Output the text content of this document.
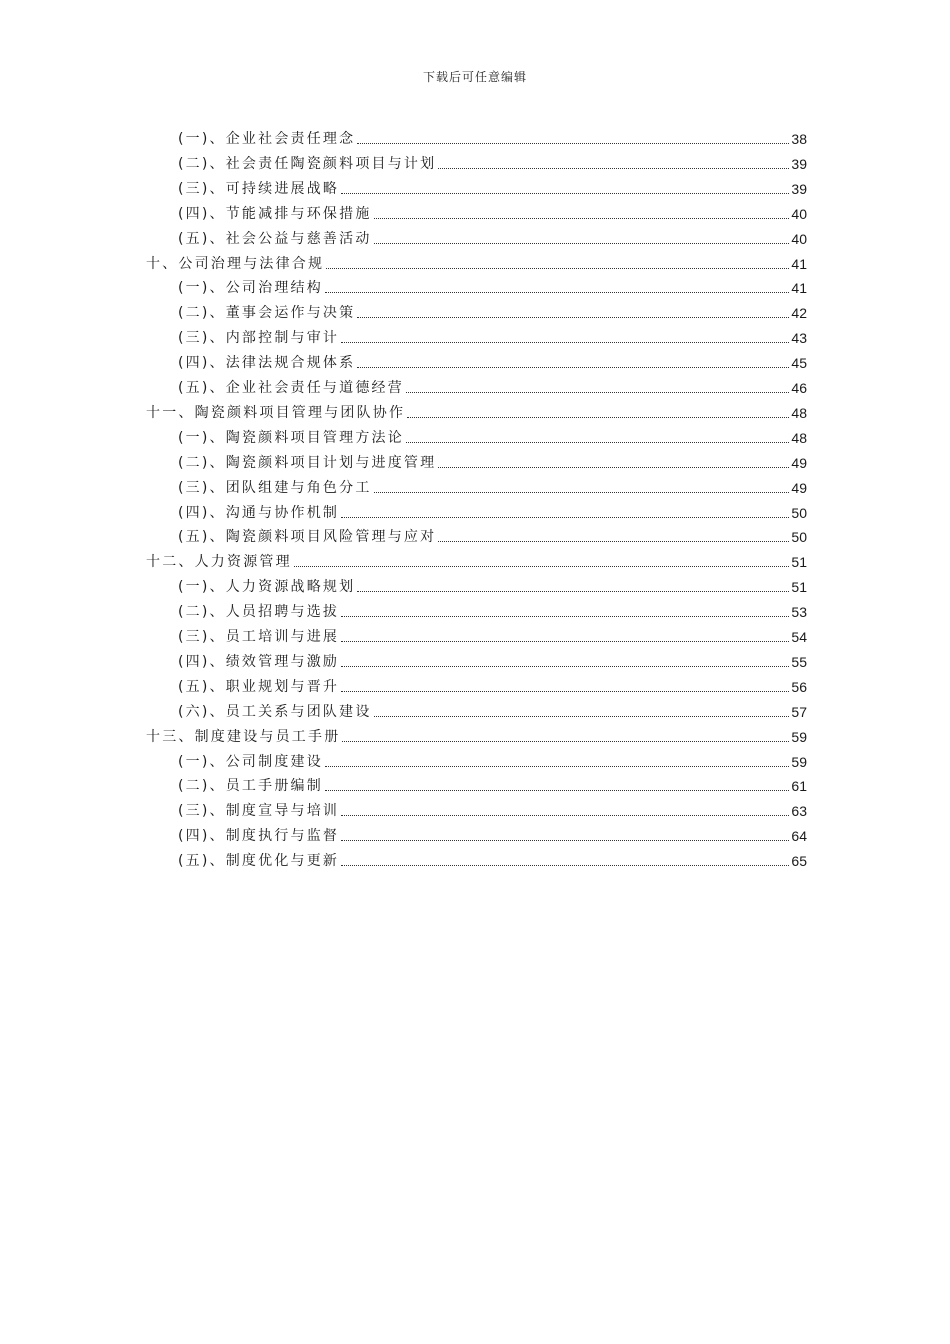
下载后可任意编辑
(一)、企业社会责任理念	38
(二)、社会责任陶瓷颜料项目与计划	39
(三)、可持续进展战略	39
(四)、节能减排与环保措施	40
(五)、社会公益与慈善活动	40
十、公司治理与法律合规	41
(一)、公司治理结构	41
(二)、董事会运作与决策	42
(三)、内部控制与审计	43
(四)、法律法规合规体系	45
(五)、企业社会责任与道德经营	46
十一、陶瓷颜料项目管理与团队协作	48
(一)、陶瓷颜料项目管理方法论	48
(二)、陶瓷颜料项目计划与进度管理	49
(三)、团队组建与角色分工	49
(四)、沟通与协作机制	50
(五)、陶瓷颜料项目风险管理与应对	50
十二、人力资源管理	51
(一)、人力资源战略规划	51
(二)、人员招聘与选拔	53
(三)、员工培训与进展	54
(四)、绩效管理与激励	55
(五)、职业规划与晋升	56
(六)、员工关系与团队建设	57
十三、制度建设与员工手册	59
(一)、公司制度建设	59
(二)、员工手册编制	61
(三)、制度宣导与培训	63
(四)、制度执行与监督	64
(五)、制度优化与更新	65
